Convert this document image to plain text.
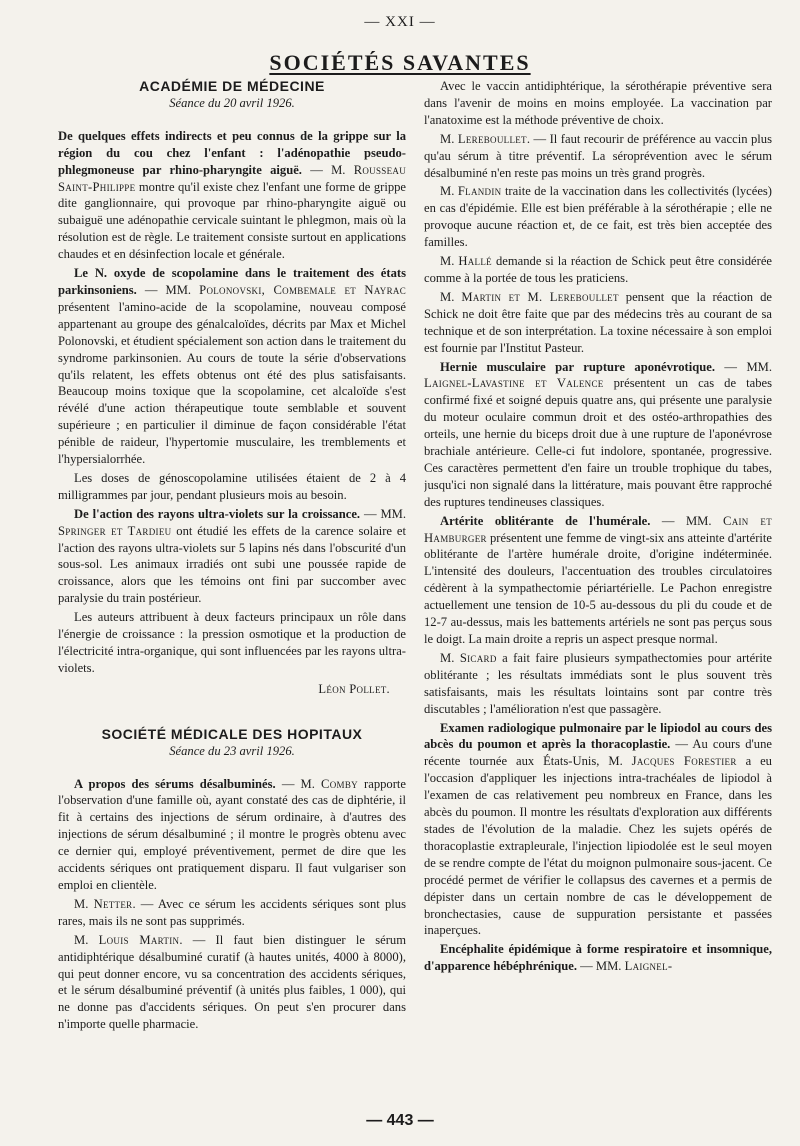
— XXI —
SOCIÉTÉS SAVANTES
ACADÉMIE DE MÉDECINE
Séance du 20 avril 1926.

De quelques effets indirects et peu connus de la grippe sur la région du cou chez l'enfant : l'adénopathie pseudo-phlegmoneuse par rhino-pharyngite aiguë. — M. Rousseau Saint-Philippe montre qu'il existe chez l'enfant une forme de grippe dite ganglionnaire, qui provoque par rhino-pharyngite aiguë ou subaiguë une adénopathie cervicale suintant le phlegmon, mais où la résolution est de règle. Le traitement consiste surtout en applications chaudes et en désinfection locale et générale.

Le N. oxyde de scopolamine dans le traitement des états parkinsoniens. — MM. Polonovski, Combemale et Nayrac présentent l'amino-acide de la scopolamine, nouveau composé appartenant au groupe des génalcaloïdes, décrits par Max et Michel Polonovski, et étudient spécialement son action dans le traitement du syndrome parkinsonien. Au cours de toute la série d'observations qu'ils relatent, les effets obtenus ont été des plus satisfaisants. Beaucoup moins toxique que la scopolamine, cet alcaloïde s'est révélé d'une action thérapeutique toute semblable et souvent supérieure ; en particulier il diminue de façon considérable l'état pénible de raideur, l'hypertomie musculaire, les tremblements et l'hypersialorrhée.

Les doses de génoscopolamine utilisées étaient de 2 à 4 milligrammes par jour, pendant plusieurs mois au besoin.

De l'action des rayons ultra-violets sur la croissance. — MM. Springer et Tardieu ont étudié les effets de la carence solaire et l'action des rayons ultra-violets sur 5 lapins nés dans l'obscurité d'un sous-sol. Les animaux irradiés ont subi une poussée rapide de croissance, alors que les témoins ont fini par succomber avec paralysie du train postérieur.

Les auteurs attribuent à deux facteurs principaux un rôle dans l'énergie de croissance : la pression osmotique et la production de l'électricité intra-organique, qui sont influencées par les rayons ultra-violets.

Léon Pollet.
SOCIÉTÉ MÉDICALE DES HOPITAUX
Séance du 23 avril 1926.

A propos des sérums désalbuminés. — M. Comby rapporte l'observation d'une famille où, ayant constaté des cas de diphtérie, il fit à certains des injections de sérum ordinaire, à d'autres des injections de sérum désalbuminé ; il montre le progrès obtenu avec ce dernier qui, employé préventivement, permet de dire que les accidents sériques ont pratiquement disparu. Il faut vulgariser son emploi en clientèle.

M. Netter. — Avec ce sérum les accidents sériques sont plus rares, mais ils ne sont pas supprimés.

M. Louis Martin. — Il faut bien distinguer le sérum antidiphtérique désalbuminé curatif (à hautes unités, 4000 à 8000), qui peut donner encore, vu sa concentration des accidents sériques, et le sérum désalbuminé préventif (à unités plus faibles, 1 000), qui ne donne pas d'accidents sériques. On peut s'en procurer dans n'importe quelle pharmacie.

Avec le vaccin antidiphtérique, la sérothérapie préventive sera dans l'avenir de moins en moins employée. La vaccination par l'anatoxime est la méthode préventive de choix.

M. Lereboullet. — Il faut recourir de préférence au vaccin plus qu'au sérum à titre préventif. La séroprévention avec le sérum désalbuminé n'en reste pas moins un très grand progrès.

M. Flandin traite de la vaccination dans les collectivités (lycées) en cas d'épidémie. Elle est bien préférable à la sérothérapie ; elle ne provoque aucune réaction et, de ce fait, est très bien acceptée des familles.

M. Hallé demande si la réaction de Schick peut être considérée comme à la portée de tous les praticiens.

M. Martin et M. Lereboullet pensent que la réaction de Schick ne doit être faite que par des médecins très au courant de sa technique et de son interprétation. La toxine nécessaire à son emploi est fournie par l'Institut Pasteur.

Hernie musculaire par rupture aponévrotique. — MM. Laignel-Lavastine et Valence présentent un cas de tabes confirmé fixé et soigné depuis quatre ans, qui présente une paralysie du moteur oculaire commun droit et des ostéo-arthropathies des orteils, une hernie du biceps droit due à une rupture de l'aponévrose brachiale antérieure. Celle-ci fut indolore, spontanée, progressive. Ces caractères permettent d'en faire un trouble trophique du tabes, jusqu'ici non signalé dans la littérature, mais pouvant être rapproché des ruptures tendineuses classiques.

Artérite oblitérante de l'humérale. — MM. Cain et Hamburger présentent une femme de vingt-six ans atteinte d'artérite oblitérante de l'artère humérale droite, d'origine indéterminée. L'intensité des douleurs, l'accentuation des troubles circulatoires cédèrent à la sympathectomie périartérielle. Le Pachon enregistre actuellement une tension de 10-5 au-dessous du pli du coude et de 12-7 au-dessus, mais les battements artériels ne sont pas perçus sous le doigt. La main droite a repris un aspect presque normal.

M. Sicard a fait faire plusieurs sympathectomies pour artérite oblitérante ; les résultats immédiats sont le plus souvent très satisfaisants, mais les résultats lointains sont par contre très discutables ; l'amélioration n'est que passagère.

Examen radiologique pulmonaire par le lipiodol au cours des abcès du poumon et après la thoracoplastie. — Au cours d'une récente tournée aux États-Unis, M. Jacques Forestier a eu l'occasion d'appliquer les injections intra-trachéales de lipiodol à l'examen de cas relativement peu nombreux en France, dans les abcès du poumon. Il montre les résultats d'exploration aux différents stades de l'évolution de la maladie. Chez les sujets opérés de thoracoplastie extrapleurale, l'injection lipiodolée est le seul moyen de se rendre compte de l'état du moignon pulmonaire sous-jacent. Ce procédé permet de vérifier le collapsus des cavernes et a permis de dépister dans un certain nombre de cas le développement de bronchectasies, cause de suppuration persistante et passées inaperçues.

Encéphalite épidémique à forme respiratoire et insomnique, d'apparence hébéphrénique. — MM. Laignel-

— 443 —
